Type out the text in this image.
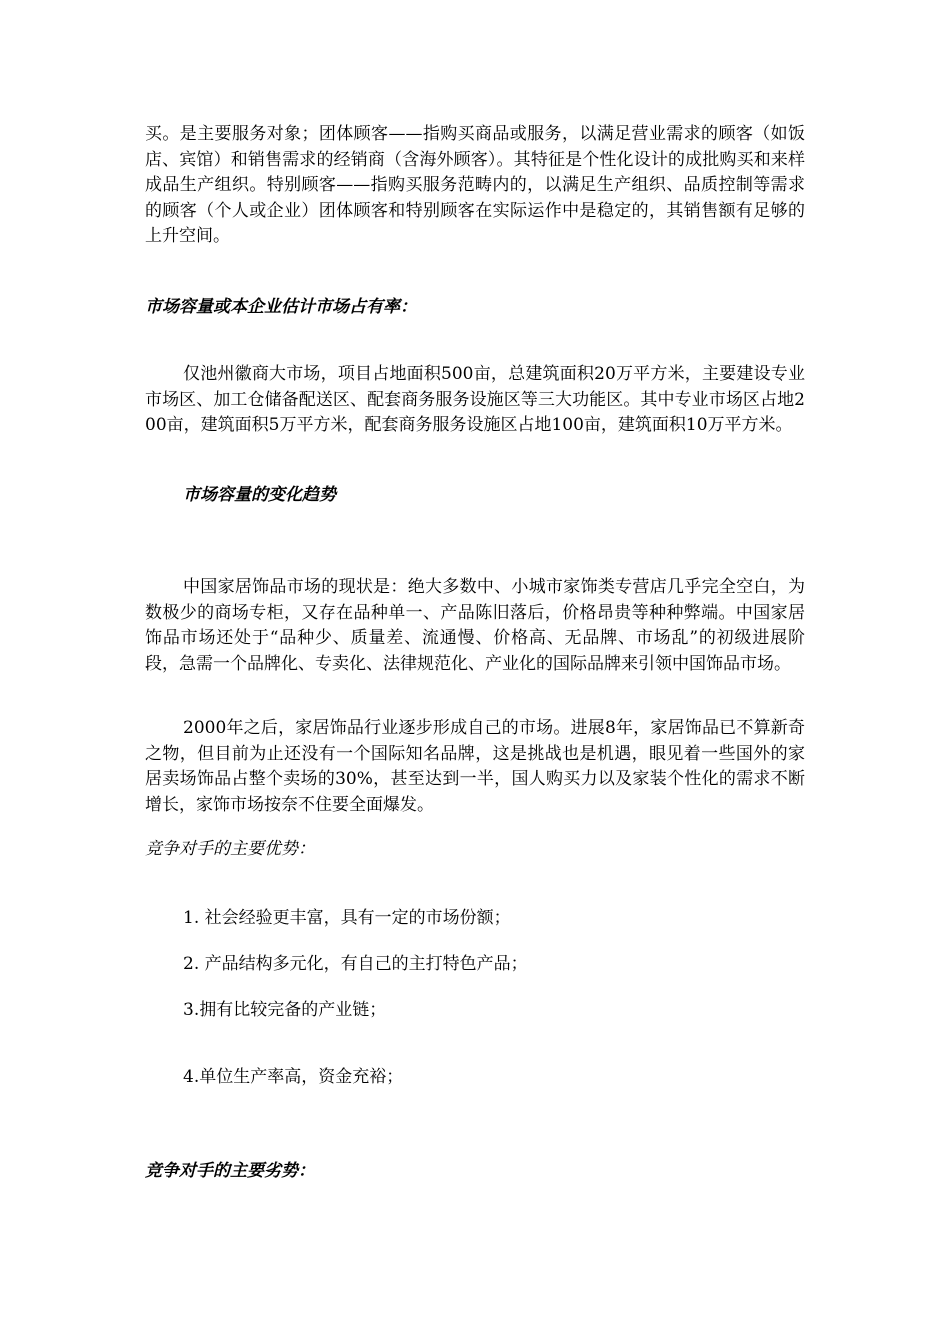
买。是主要服务对象；团体顾客——指购买商品或服务，以满足营业需求的顾客（如饭店、宾馆）和销售需求的经销商（含海外顾客）。其特征是个性化设计的成批购买和来样成品生产组织。特别顾客——指购买服务范畴内的，以满足生产组织、品质控制等需求的顾客（个人或企业）团体顾客和特别顾客在实际运作中是稳定的，其销售额有足够的上升空间。

市场容量或本企业估计市场占有率：

仅池州徽商大市场，项目占地面积500亩，总建筑面积20万平方米，主要建设专业市场区、加工仓储备配送区、配套商务服务设施区等三大功能区。其中专业市场区占地200亩，建筑面积5万平方米，配套商务服务设施区占地100亩，建筑面积10万平方米。

市场容量的变化趋势

中国家居饰品市场的现状是：绝大多数中、小城市家饰类专营店几乎完全空白，为数极少的商场专柜，又存在品种单一、产品陈旧落后，价格昂贵等种种弊端。中国家居饰品市场还处于“品种少、质量差、流通慢、价格高、无品牌、市场乱”的初级进展阶段，急需一个品牌化、专卖化、法律规范化、产业化的国际品牌来引领中国饰品市场。

2000年之后，家居饰品行业逐步形成自己的市场。进展8年，家居饰品已不算新奇之物，但目前为止还没有一个国际知名品牌，这是挑战也是机遇，眼见着一些国外的家居卖场饰品占整个卖场的30%，甚至达到一半，国人购买力以及家装个性化的需求不断增长，家饰市场按奈不住要全面爆发。

竞争对手的主要优势：

1. 社会经验更丰富，具有一定的市场份额；

2. 产品结构多元化，有自己的主打特色产品；

3.拥有比较完备的产业链；

4.单位生产率高，资金充裕；

竞争对手的主要劣势：
